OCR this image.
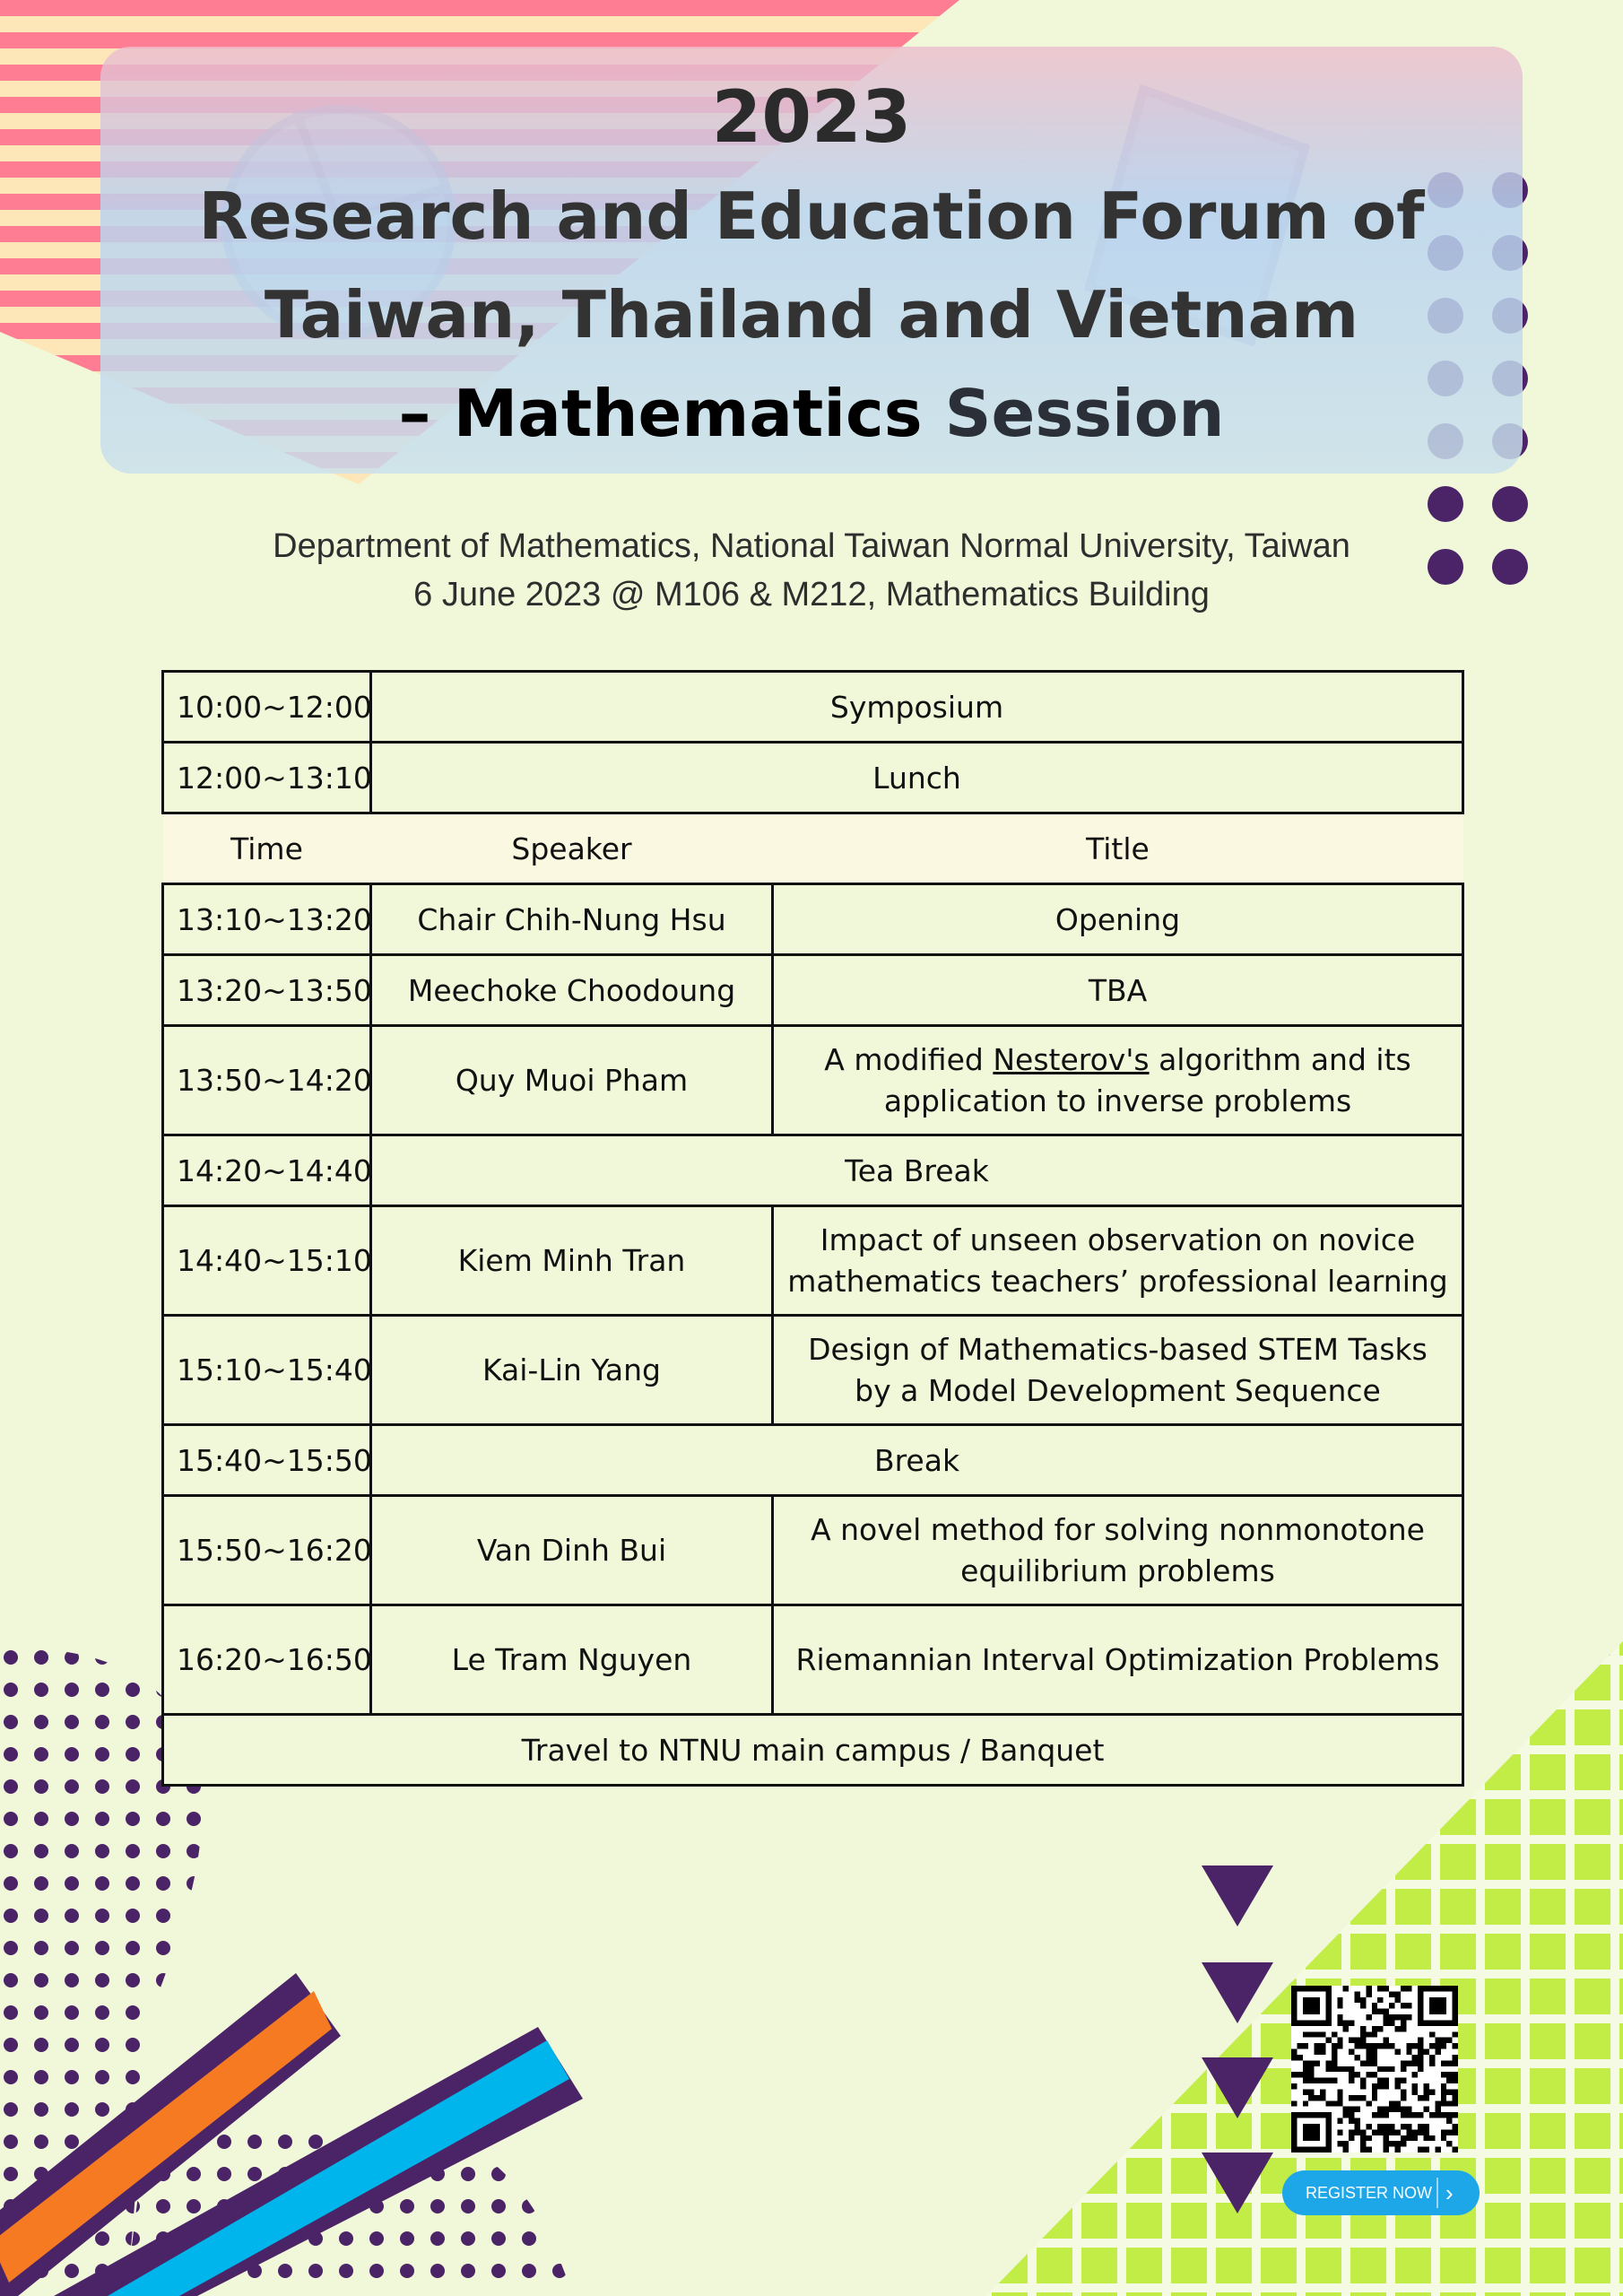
2023
Research and Education Forum of
Taiwan, Thailand and Vietnam
– Mathematics Session
Department of Mathematics, National Taiwan Normal University, Taiwan
6 June 2023 @ M106 & M212, Mathematics Building
10:00~12:00	Symposium	
12:00~13:10	Lunch	
Time	Speaker	Title
13:10~13:20	Chair Chih-Nung Hsu	Opening
13:20~13:50	Meechoke Choodoung	TBA
13:50~14:20	Quy Muoi Pham	A modified Nesterov's algorithm and its
application to inverse problems
14:20~14:40	Tea Break	
14:40~15:10	Kiem Minh Tran	Impact of unseen observation on novice
mathematics teachers’ professional learning
15:10~15:40	Kai-Lin Yang	Design of Mathematics-based STEM Tasks
by a Model Development Sequence
15:40~15:50	Break	
15:50~16:20	Van Dinh Bui	A novel method for solving nonmonotone
equilibrium problems
16:20~16:50	Le Tram Nguyen	Riemannian Interval Optimization Problems
Travel to NTNU main campus / Banquet		
REGISTER NOW ›
